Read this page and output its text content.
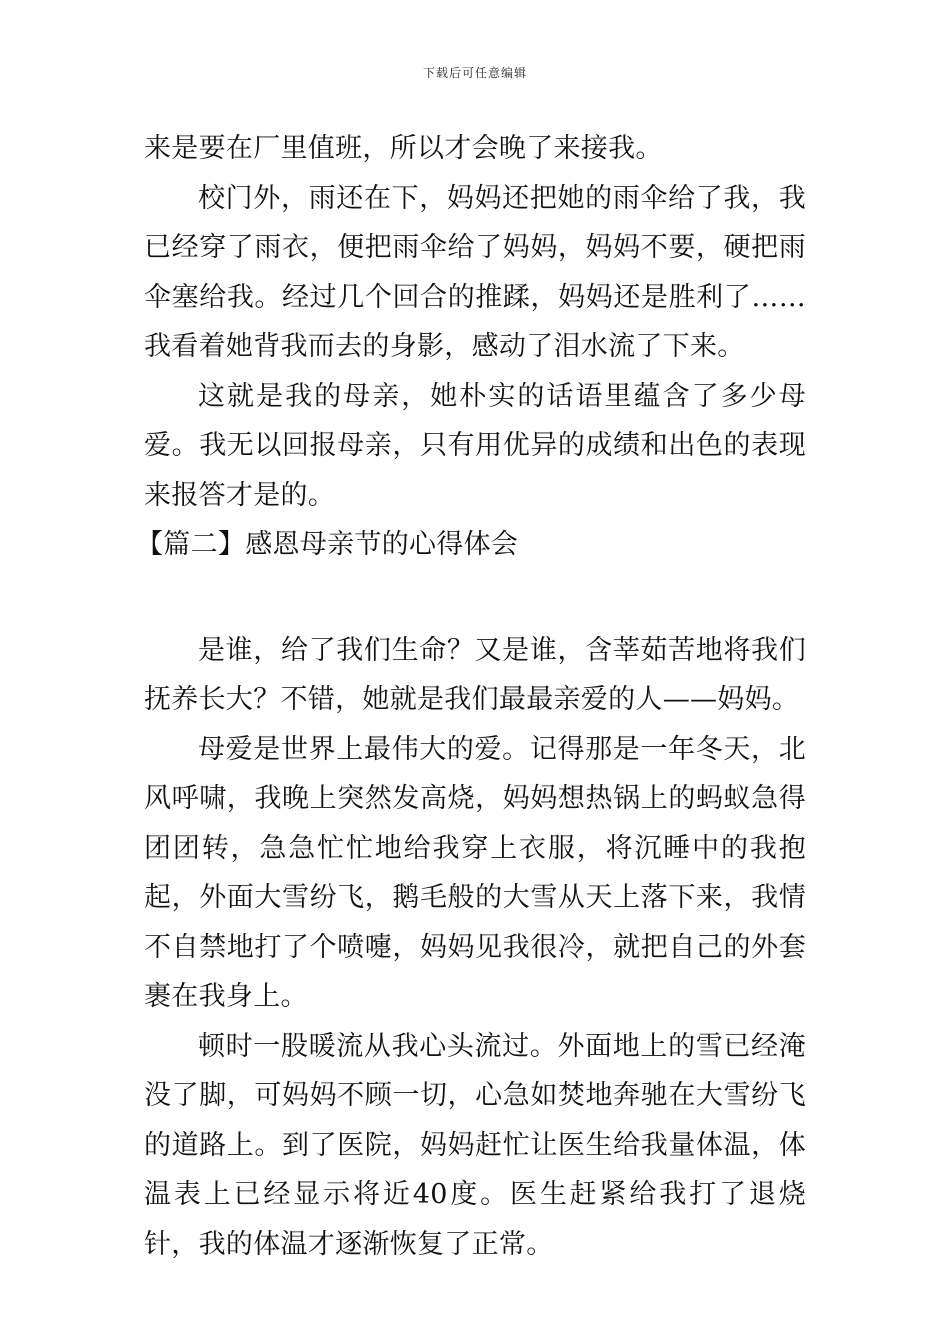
下载后可任意编辑

来是要在厂里值班，所以才会晚了来接我。

校门外，雨还在下，妈妈还把她的雨伞给了我，我已经穿了雨衣，便把雨伞给了妈妈，妈妈不要，硬把雨伞塞给我。经过几个回合的推蹂，妈妈还是胜利了……我看着她背我而去的身影，感动了泪水流了下来。

这就是我的母亲，她朴实的话语里蕴含了多少母爱。我无以回报母亲，只有用优异的成绩和出色的表现来报答才是的。

【篇二】感恩母亲节的心得体会

是谁，给了我们生命？又是谁，含莘茹苦地将我们抚养长大？不错，她就是我们最最亲爱的人——妈妈。

母爱是世界上最伟大的爱。记得那是一年冬天，北风呼啸，我晚上突然发高烧，妈妈想热锅上的蚂蚁急得团团转，急急忙忙地给我穿上衣服，将沉睡中的我抱起，外面大雪纷飞，鹅毛般的大雪从天上落下来，我情不自禁地打了个喷嚏，妈妈见我很冷，就把自己的外套裹在我身上。

顿时一股暖流从我心头流过。外面地上的雪已经淹没了脚，可妈妈不顾一切，心急如焚地奔驰在大雪纷飞的道路上。到了医院，妈妈赶忙让医生给我量体温，体温表上已经显示将近40度。医生赶紧给我打了退烧针，我的体温才逐渐恢复了正常。
